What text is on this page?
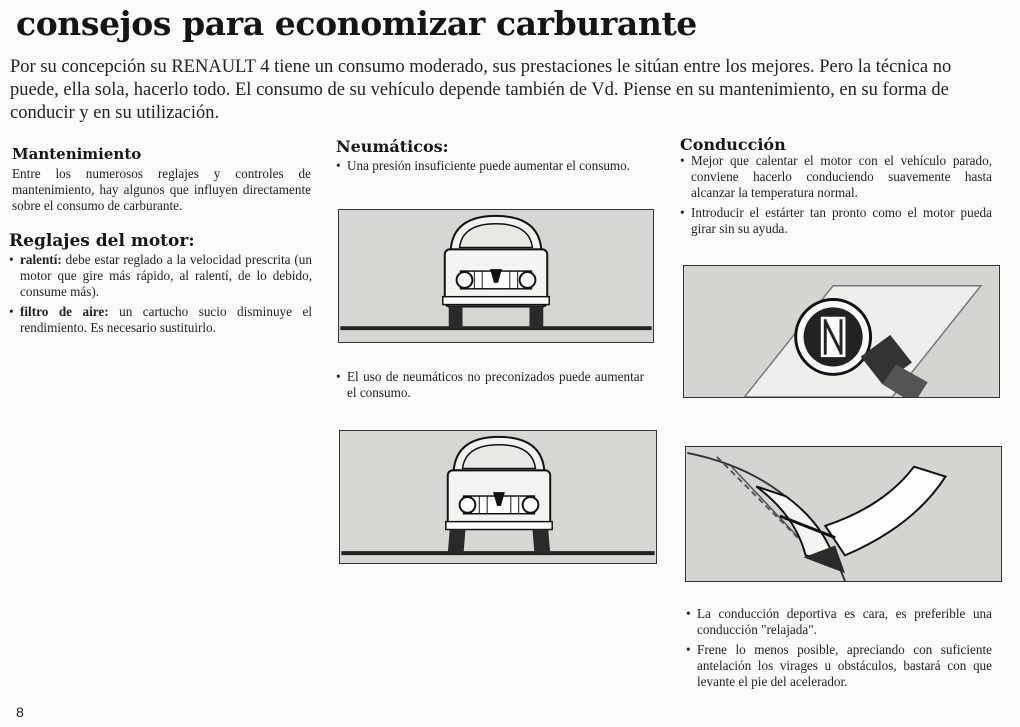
consejos para economizar carburante

Por su concepción su RENAULT 4 tiene un consumo moderado, sus prestaciones le sitúan entre los mejores. Pero la técnica no puede, ella sola, hacerlo todo. El consumo de su vehículo depende también de Vd. Piense en su mantenimiento, en su forma de conducir y en su utilización.

Mantenimiento

Entre los numerosos reglajes y controles de mantenimiento, hay algunos que influyen directamente sobre el consumo de carburante.

Reglajes del motor:
• ralentí: debe estar reglado a la velocidad prescrita (un motor que gire más rápido, al ralentí, de lo debido, consume más).
• filtro de aire: un cartucho sucio disminuye el rendimiento. Es necesario sustituirlo.
Neumáticos:
• Una presión insuficiente puede aumentar el consumo.
• El uso de neumáticos no preconizados puede aumentar el consumo.
Conducción
• Mejor que calentar el motor con el vehículo parado, conviene hacerlo conduciendo suavemente hasta alcanzar la temperatura normal.
• Introducir el estárter tan pronto como el motor pueda girar sin su ayuda.
• La conducción deportiva es cara, es preferible una conducción "relajada".
• Frene lo menos posible, apreciando con suficiente antelación los virages u obstáculos, bastará con que levante el pie del acelerador.
8
